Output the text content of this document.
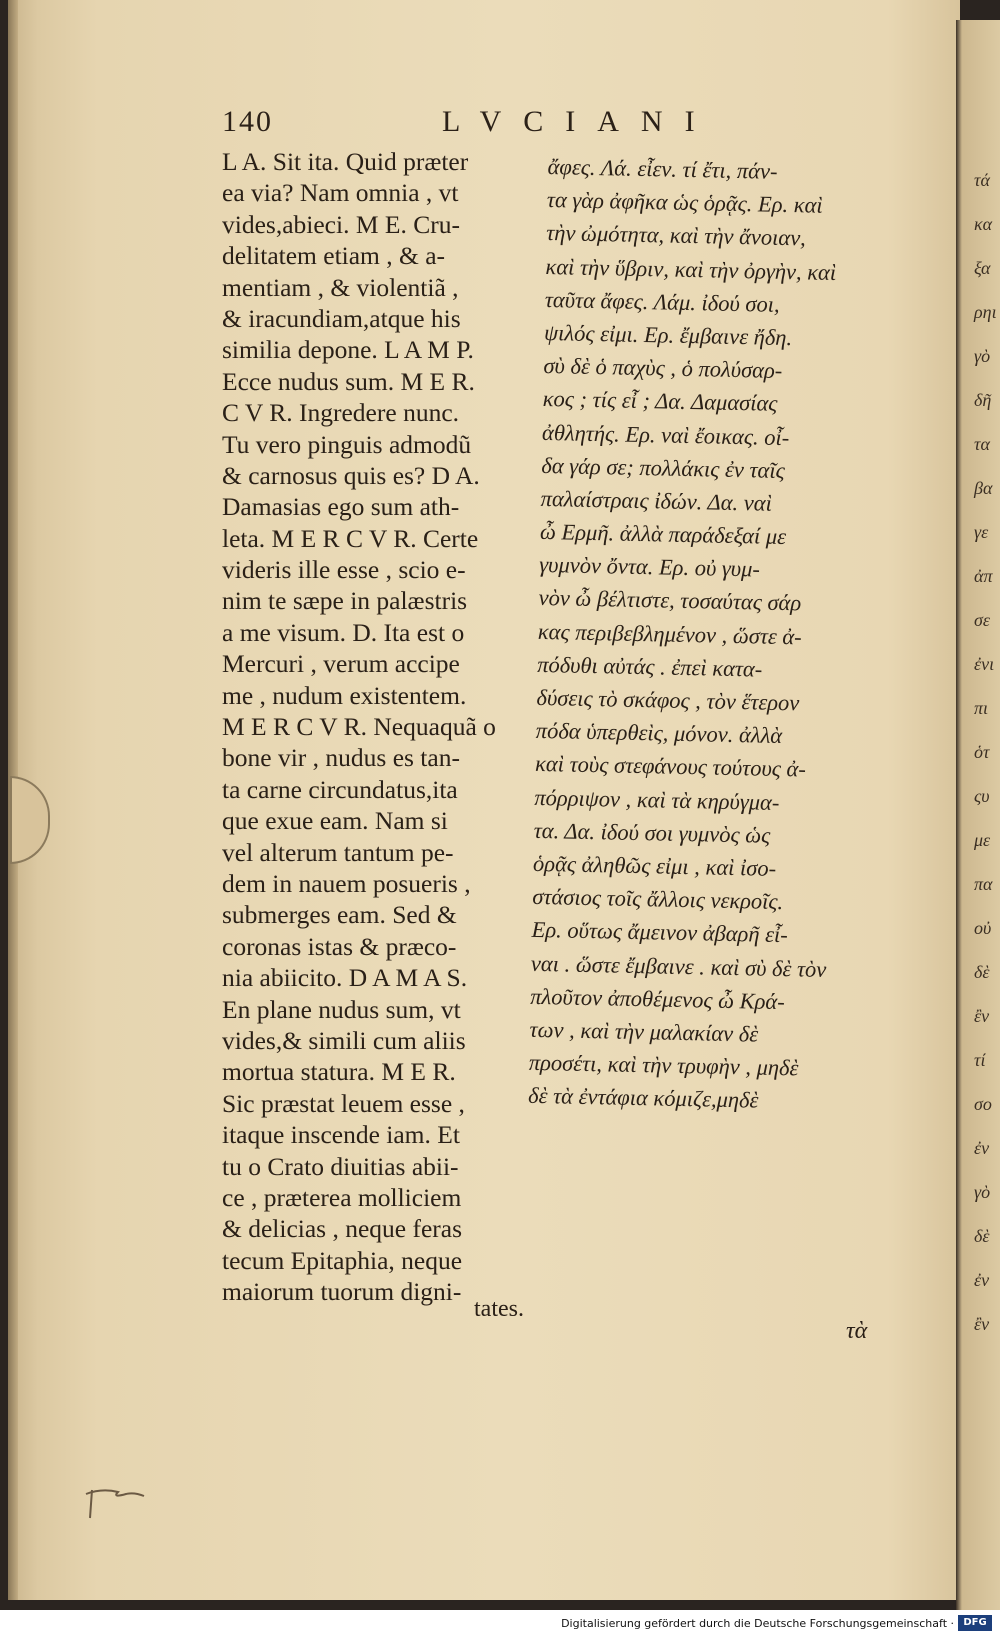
140	LVCIANI
L A. Sit ita. Quid præter
ea via? Nam omnia , vt
vides,abieci. M E. Cru-
delitatem etiam , & a-
mentiam , & violentiã ,
& iracundiam,atque his
similia depone. L A M P.
Ecce nudus sum. M E R.
C V R. Ingredere nunc.
Tu vero pinguis admodũ
& carnosus quis es? D A.
Damasias ego sum ath-
leta. M E R C V R. Certe
videris ille esse , scio e-
nim te sæpe in palæstris
a me visum. D. Ita est o
Mercuri , verum accipe
me , nudum existentem.
M E R C V R. Nequaquã o
bone vir , nudus es tan-
ta carne circundatus,ita
que exue eam. Nam si
vel alterum tantum pe-
dem in nauem posueris ,
submerges eam. Sed &
coronas istas & præco-
nia abiicito. D A M A S.
En plane nudus sum, vt
vides,& simili cum aliis
mortua statura. M E R.
Sic præstat leuem esse ,
itaque inscende iam. Et
tu o Crato diuitias abii-
ce , præterea molliciem
& delicias , neque feras
tecum Epitaphia, neque
maiorum tuorum digni-
tates.
ἄφες. Λά. εἶεν. τί ἔτι, πάν-
τα γὰρ ἀφῆκα ὡς ὁρᾷς. Ερ. καὶ
τὴν ὠμότητα, καὶ τὴν ἄνοιαν,
καὶ τὴν ὕβριν, καὶ τὴν ὀργὴν, καὶ
ταῦτα ἄφες. Λάμ. ἰδού σοι,
ψιλός εἰμι. Ερ. ἔμβαινε ἤδη.
σὺ δὲ ὁ παχὺς , ὁ πολύσαρ-
κος ; τίς εἶ ; Δα. Δαμασίας
ἀθλητής. Ερ. ναὶ ἔοικας. οἶ-
δα γάρ σε; πολλάκις ἐν ταῖς
παλαίστραις ἰδών. Δα. ναὶ
ὦ Ερμῆ. ἀλλὰ παράδεξαί με
γυμνὸν ὄντα. Ερ. οὐ γυμ-
νὸν ὦ βέλτιστε, τοσαύτας σάρ
κας περιβεβλημένον , ὥστε ἀ-
πόδυθι αὐτάς . ἐπεὶ κατα-
δύσεις τὸ σκάφος , τὸν ἕτερον
πόδα ὑπερθεὶς, μόνον. ἀλλὰ
καὶ τοὺς στεφάνους τούτους ἀ-
πόρριψον , καὶ τὰ κηρύγμα-
τα. Δα. ἰδού σοι γυμνὸς ὡς
ὁρᾷς ἀληθῶς εἰμι , καὶ ἰσο-
στάσιος τοῖς ἄλλοις νεκροῖς.
Ερ. οὕτως ἄμεινον ἀβαρῆ εἶ-
ναι . ὥστε ἔμβαινε . καὶ σὺ δὲ τὸν
πλοῦτον ἀποθέμενος ὦ Κρά-
των , καὶ τὴν μαλακίαν δὲ
προσέτι, καὶ τὴν τρυφὴν , μηδὲ
δὲ τὰ ἐντάφια κόμιζε,μηδὲ
τὰ
τά
κα
ξα
ρηι
γὸ
δῆ
τα
βα
γε
ἀπ
σε
ἐνι
πι
ὁτ
ςυ
με
πα
οὐ
δὲ
ἒν
τί
σο
ἐν
γὸ
δὲ
ἐν
ἒν
Digitalisierung gefördert durch die Deutsche Forschungsgemeinschaft · DFG
